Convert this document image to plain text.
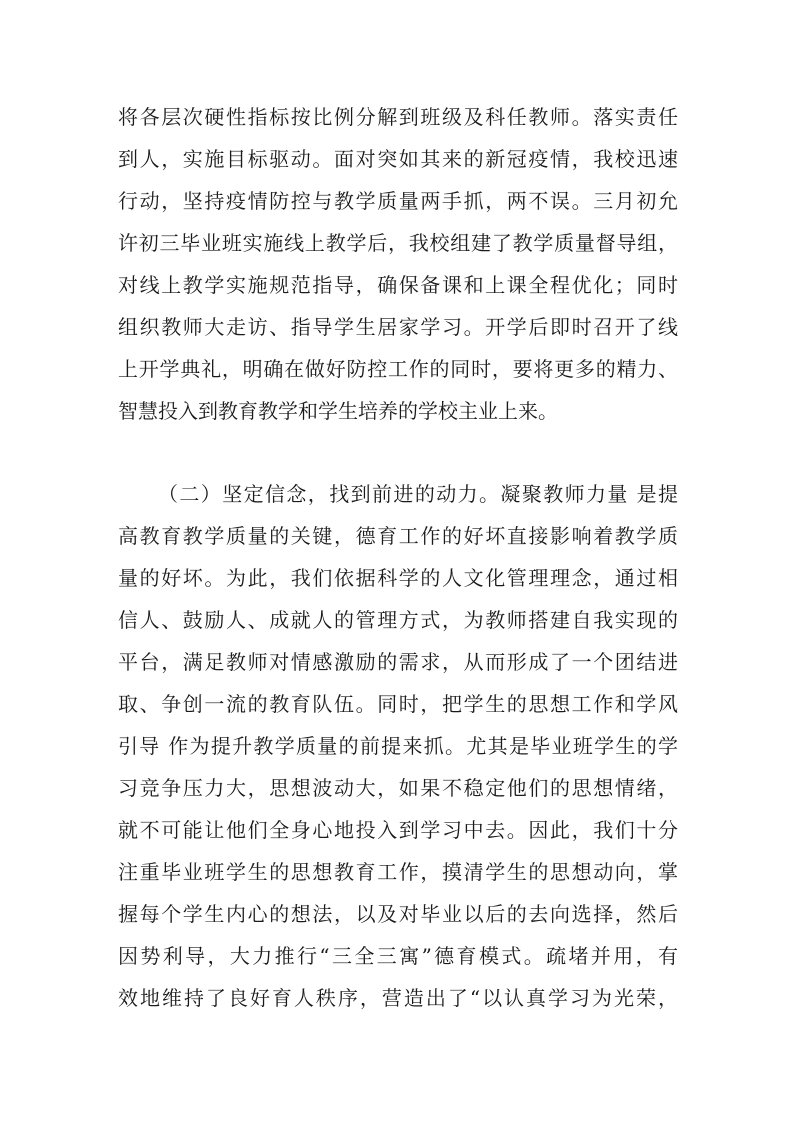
将各层次硬性指标按比例分解到班级及科任教师。落实责任
到人，实施目标驱动。面对突如其来的新冠疫情，我校迅速
行动，坚持疫情防控与教学质量两手抓，两不误。三月初允
许初三毕业班实施线上教学后，我校组建了教学质量督导组，
对线上教学实施规范指导，确保备课和上课全程优化；同时
组织教师大走访、指导学生居家学习。开学后即时召开了线
上开学典礼，明确在做好防控工作的同时，要将更多的精力、
智慧投入到教育教学和学生培养的学校主业上来。
（二）坚定信念，找到前进的动力。凝聚教师力量 是提
高教育教学质量的关键，德育工作的好坏直接影响着教学质
量的好坏。为此，我们依据科学的人文化管理理念，通过相
信人、鼓励人、成就人的管理方式，为教师搭建自我实现的
平台，满足教师对情感激励的需求，从而形成了一个团结进
取、争创一流的教育队伍。同时，把学生的思想工作和学风
引导 作为提升教学质量的前提来抓。尤其是毕业班学生的学
习竞争压力大，思想波动大，如果不稳定他们的思想情绪，
就不可能让他们全身心地投入到学习中去。因此，我们十分
注重毕业班学生的思想教育工作，摸清学生的思想动向，掌
握每个学生内心的想法，以及对毕业以后的去向选择，然后
因势利导，大力推行“三全三寓”德育模式。疏堵并用，有
效地维持了良好育人秩序，营造出了“以认真学习为光荣，
